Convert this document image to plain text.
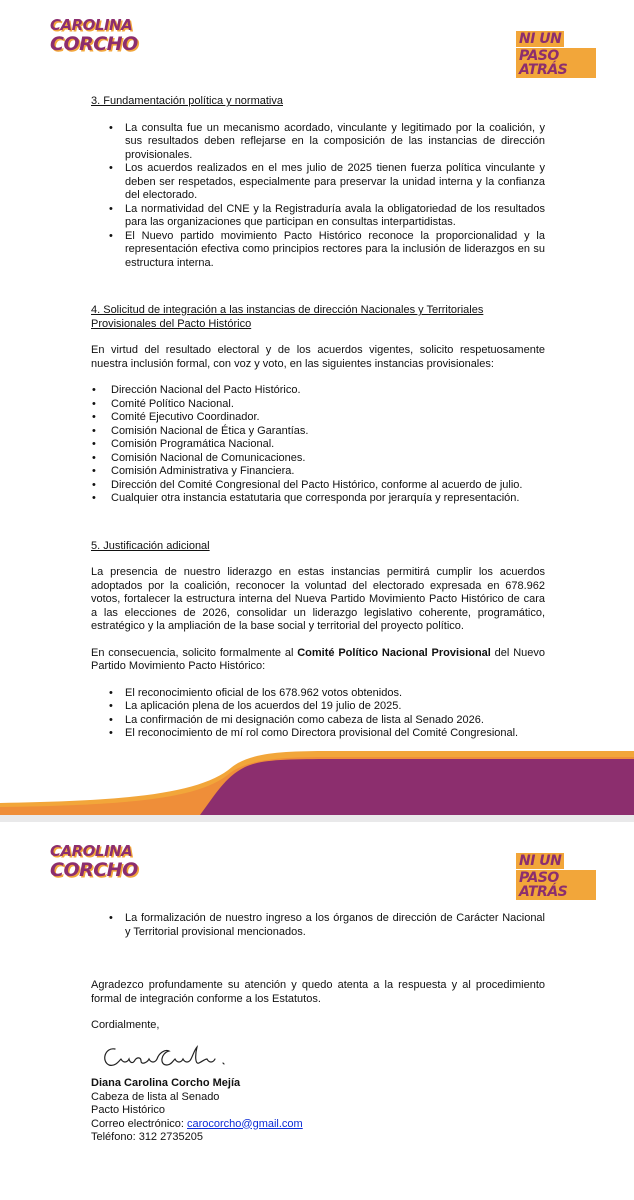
CAROLINA
CORCHO	NI UN
PASO ATRÁS

3. Fundamentación política y normativa

• La consulta fue un mecanismo acordado, vinculante y legitimado por la coalición, y sus resultados deben reflejarse en la composición de las instancias de dirección provisionales.
• Los acuerdos realizados en el mes julio de 2025 tienen fuerza política vinculante y deben ser respetados, especialmente para preservar la unidad interna y la confianza del electorado.
• La normatividad del CNE y la Registraduría avala la obligatoriedad de los resultados para las organizaciones que participan en consultas interpartidistas.
• El Nuevo partido movimiento Pacto Histórico reconoce la proporcionalidad y la representación efectiva como principios rectores para la inclusión de liderazgos en su estructura interna.

4. Solicitud de integración a las instancias de dirección Nacionales y Territoriales Provisionales del Pacto Histórico

En virtud del resultado electoral y de los acuerdos vigentes, solicito respetuosamente nuestra inclusión formal, con voz y voto, en las siguientes instancias provisionales:

• Dirección Nacional del Pacto Histórico.
• Comité Político Nacional.
• Comité Ejecutivo Coordinador.
• Comisión Nacional de Ética y Garantías.
• Comisión Programática Nacional.
• Comisión Nacional de Comunicaciones.
• Comisión Administrativa y Financiera.
• Dirección del Comité Congresional del Pacto Histórico, conforme al acuerdo de julio.
• Cualquier otra instancia estatutaria que corresponda por jerarquía y representación.

5. Justificación adicional

La presencia de nuestro liderazgo en estas instancias permitirá cumplir los acuerdos adoptados por la coalición, reconocer la voluntad del electorado expresada en 678.962 votos, fortalecer la estructura interna del Nueva Partido Movimiento Pacto Histórico de cara a las elecciones de 2026, consolidar un liderazgo legislativo coherente, programático, estratégico y la ampliación de la base social y territorial del proyecto político.

En consecuencia, solicito formalmente al Comité Político Nacional Provisional del Nuevo Partido Movimiento Pacto Histórico:

• El reconocimiento oficial de los 678.962 votos obtenidos.
• La aplicación plena de los acuerdos del 19 julio de 2025.
• La confirmación de mi designación como cabeza de lista al Senado 2026.
• El reconocimiento de mí rol como Directora provisional del Comité Congresional.
CAROLINA
CORCHO	NI UN
PASO ATRÁS
• La formalización de nuestro ingreso a los órganos de dirección de Carácter Nacional y Territorial provisional mencionados.

Agradezco profundamente su atención y quedo atenta a la respuesta y al procedimiento formal de integración conforme a los Estatutos.

Cordialmente,

Diana Carolina Corcho Mejía

Cabeza de lista al Senado

Pacto Histórico

Correo electrónico: carocorcho@gmail.com

Teléfono: 312 2735205
